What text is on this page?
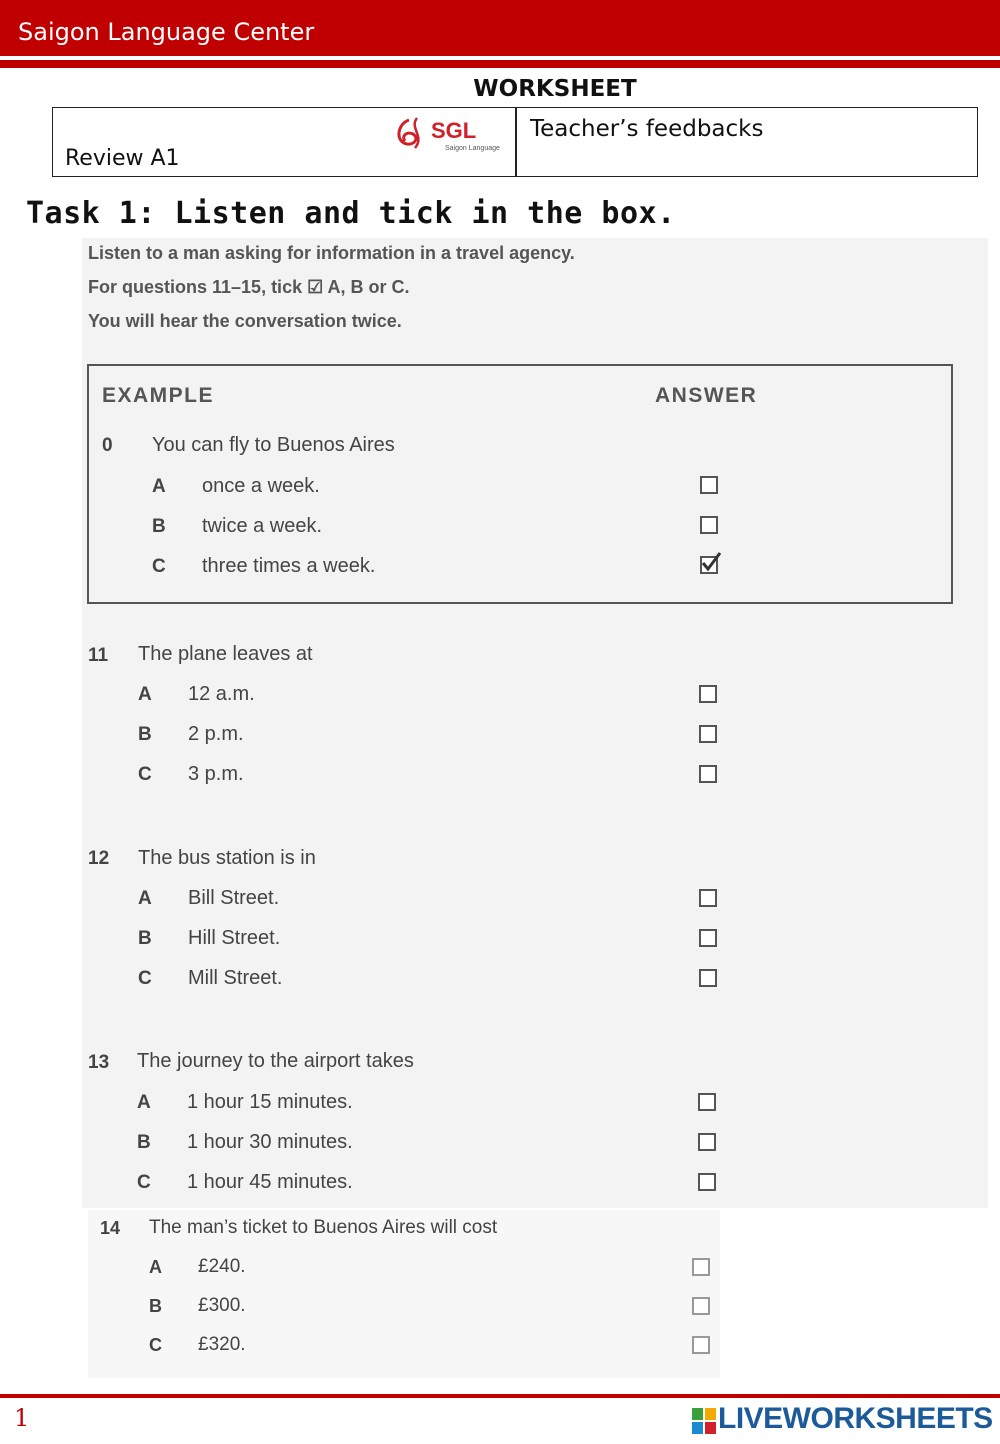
Saigon Language Center
WORKSHEET
SGL
Saigon Language
Review A1
Teacher’s feedbacks
Task 1: Listen and tick in the box.
Listen to a man asking for information in a travel agency.
For questions 11–15, tick ☑ A, B or C.
You will hear the conversation twice.
EXAMPLE	ANSWER
0 You can fly to Buenos Aires
A once a week.
B twice a week.
C three times a week.
11 The plane leaves at
A 12 a.m.
B 2 p.m.
C 3 p.m.
12 The bus station is in
A Bill Street.
B Hill Street.
C Mill Street.
13 The journey to the airport takes
A 1 hour 15 minutes.
B 1 hour 30 minutes.
C 1 hour 45 minutes.
14 The man’s ticket to Buenos Aires will cost
A £240.
B £300.
C £320.
1	LIVEWORKSHEETS
